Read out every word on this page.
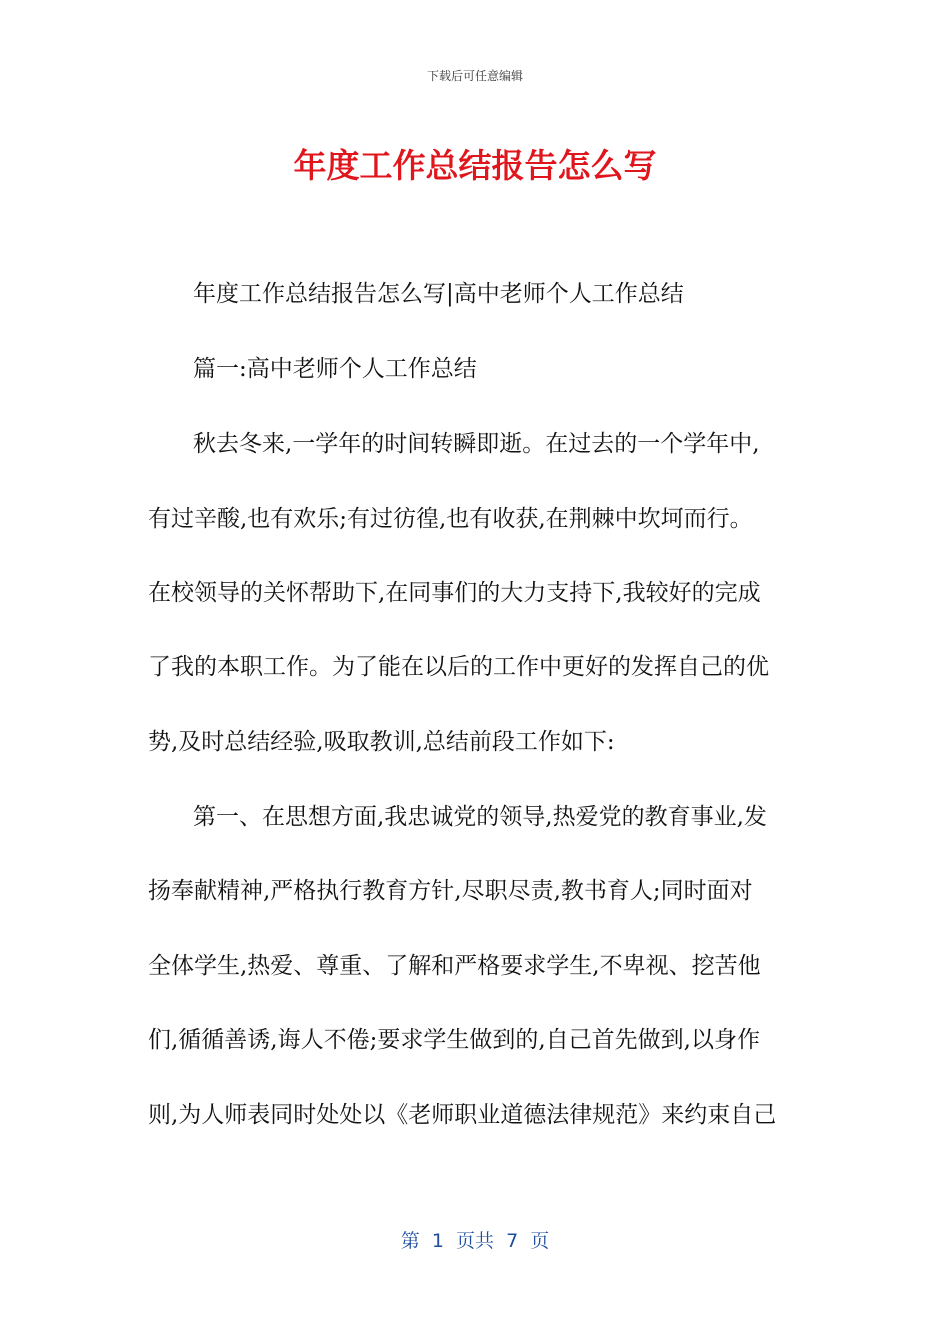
下载后可任意编辑
年度工作总结报告怎么写
年度工作总结报告怎么写|高中老师个人工作总结
篇一:高中老师个人工作总结
秋去冬来,一学年的时间转瞬即逝。在过去的一个学年中,
有过辛酸,也有欢乐;有过彷徨,也有收获,在荆棘中坎坷而行。
在校领导的关怀帮助下,在同事们的大力支持下,我较好的完成
了我的本职工作。为了能在以后的工作中更好的发挥自己的优
势,及时总结经验,吸取教训,总结前段工作如下:
第一、在思想方面,我忠诚党的领导,热爱党的教育事业,发
扬奉献精神,严格执行教育方针,尽职尽责,教书育人;同时面对
全体学生,热爱、尊重、了解和严格要求学生,不卑视、挖苦他
们,循循善诱,诲人不倦;要求学生做到的,自己首先做到,以身作
则,为人师表同时处处以《老师职业道德法律规范》来约束自己
第  1  页共  7  页
